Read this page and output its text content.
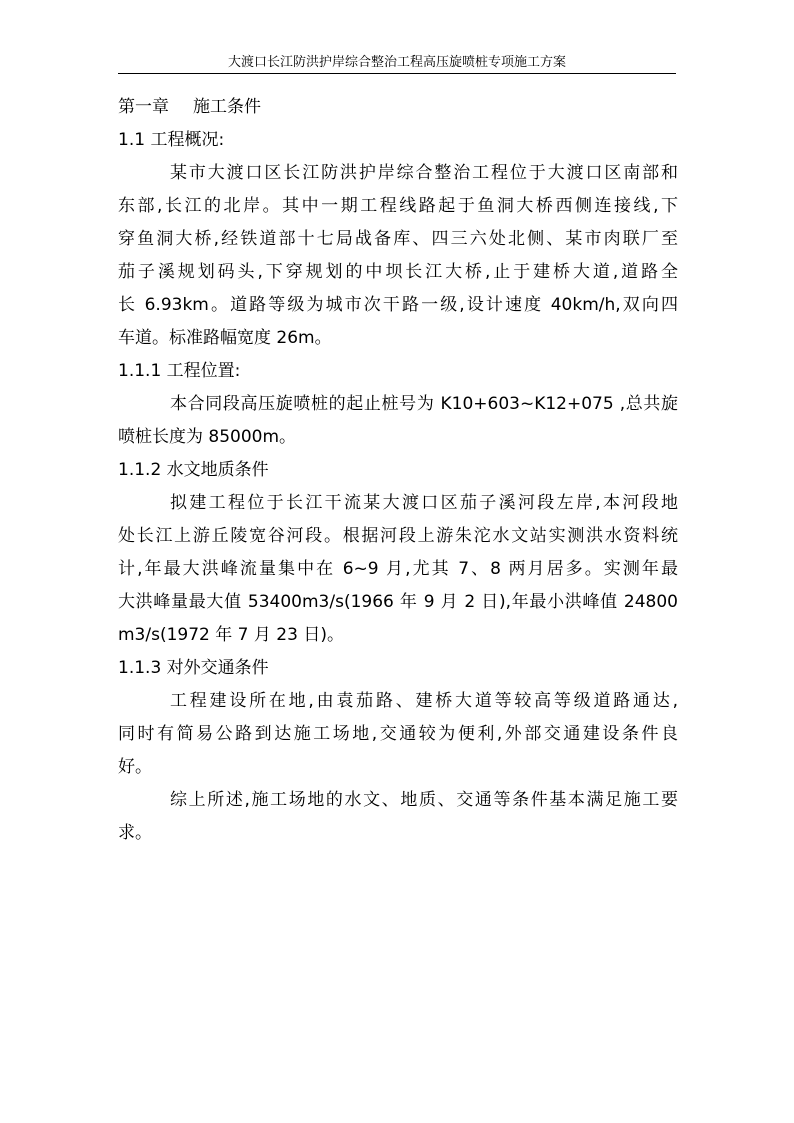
大渡口长江防洪护岸综合整治工程高压旋喷桩专项施工方案
第一章 施工条件
1.1 工程概况:
某市大渡口区长江防洪护岸综合整治工程位于大渡口区南部和
东部,长江的北岸。其中一期工程线路起于鱼洞大桥西侧连接线,下
穿鱼洞大桥,经铁道部十七局战备库、四三六处北侧、某市肉联厂至
茄子溪规划码头,下穿规划的中坝长江大桥,止于建桥大道,道路全
长 6.93km。道路等级为城市次干路一级,设计速度 40km/h,双向四
车道。标准路幅宽度 26m。
1.1.1 工程位置:
本合同段高压旋喷桩的起止桩号为 K10+603~K12+075 ,总共旋
喷桩长度为 85000m。
1.1.2 水文地质条件
拟建工程位于长江干流某大渡口区茄子溪河段左岸,本河段地
处长江上游丘陵宽谷河段。根据河段上游朱沱水文站实测洪水资料统
计,年最大洪峰流量集中在 6~9 月,尤其 7、8 两月居多。实测年最
大洪峰量最大值 53400m3/s(1966 年 9 月 2 日),年最小洪峰值 24800
m3/s(1972 年 7 月 23 日)。
1.1.3 对外交通条件
工程建设所在地,由袁茄路、建桥大道等较高等级道路通达,
同时有简易公路到达施工场地,交通较为便利,外部交通建设条件良
好。
综上所述,施工场地的水文、地质、交通等条件基本满足施工要
求。
